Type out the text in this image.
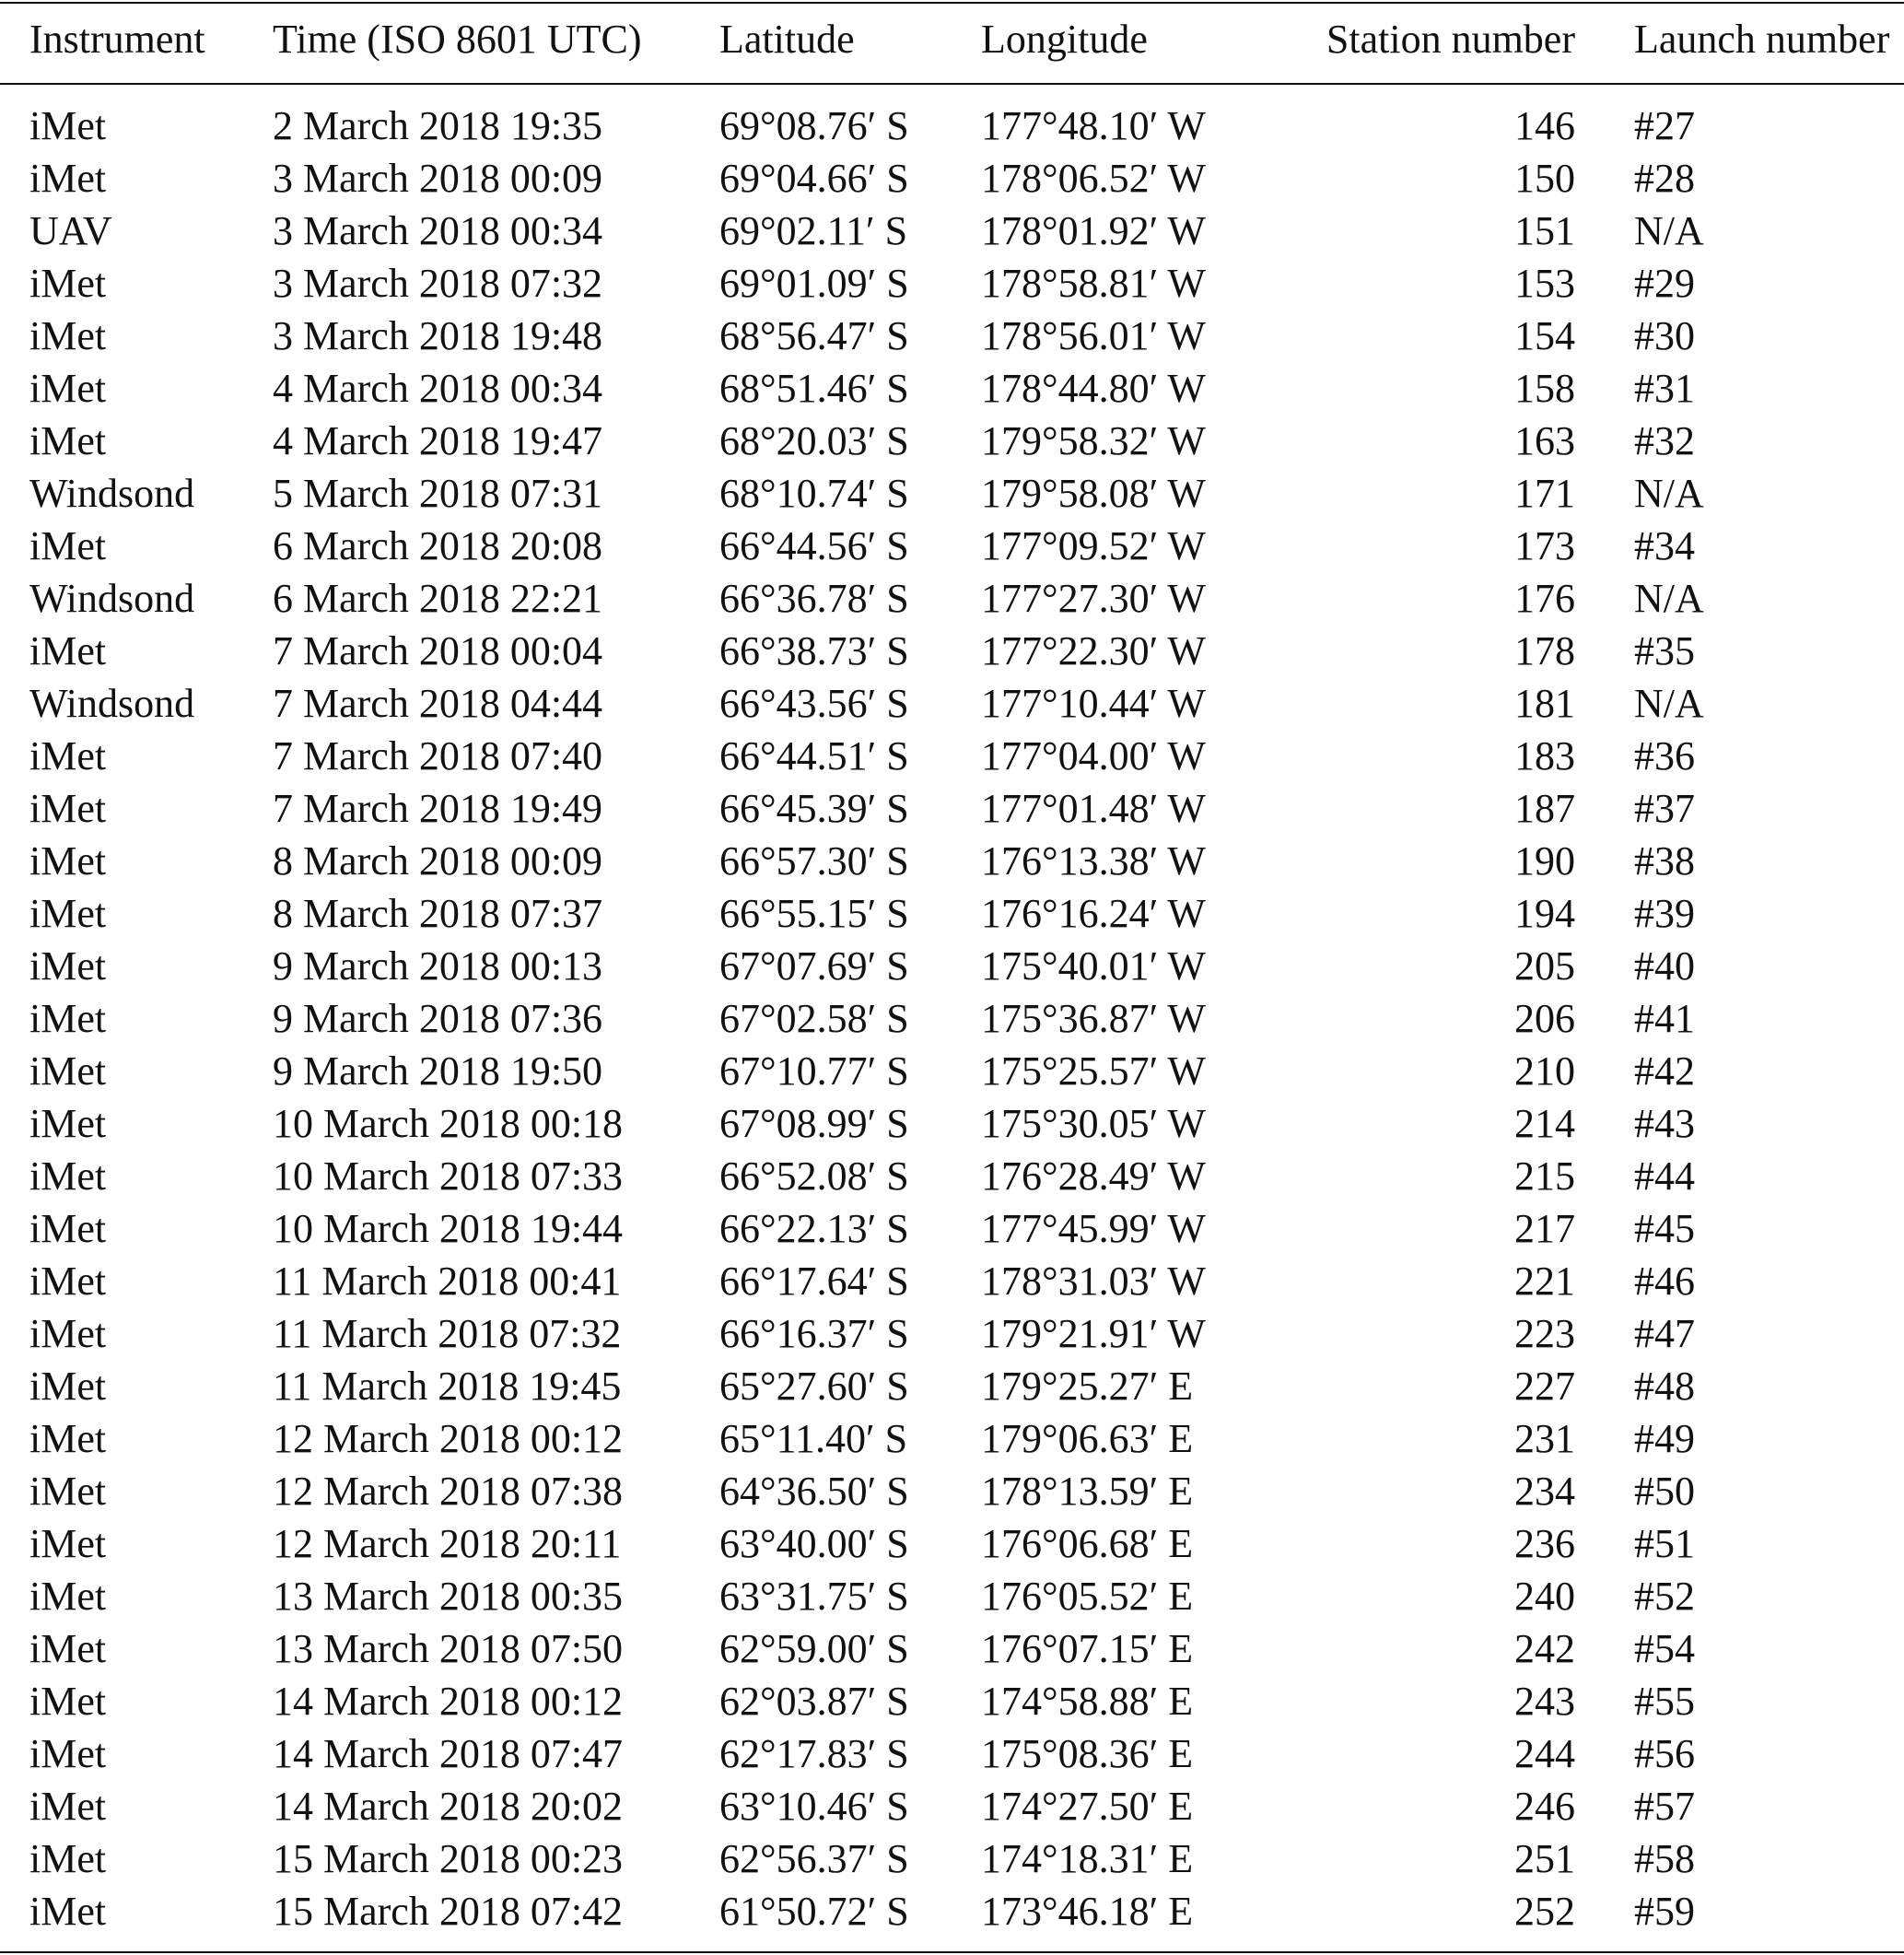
Instrument	Time (ISO 8601 UTC)	Latitude	Longitude	Station number	Launch number

iMet	2 March 2018 19:35	69°08.76′ S	177°48.10′ W	146	#27
iMet	3 March 2018 00:09	69°04.66′ S	178°06.52′ W	150	#28
UAV	3 March 2018 00:34	69°02.11′ S	178°01.92′ W	151	N/A
iMet	3 March 2018 07:32	69°01.09′ S	178°58.81′ W	153	#29
iMet	3 March 2018 19:48	68°56.47′ S	178°56.01′ W	154	#30
iMet	4 March 2018 00:34	68°51.46′ S	178°44.80′ W	158	#31
iMet	4 March 2018 19:47	68°20.03′ S	179°58.32′ W	163	#32
Windsond	5 March 2018 07:31	68°10.74′ S	179°58.08′ W	171	N/A
iMet	6 March 2018 20:08	66°44.56′ S	177°09.52′ W	173	#34
Windsond	6 March 2018 22:21	66°36.78′ S	177°27.30′ W	176	N/A
iMet	7 March 2018 00:04	66°38.73′ S	177°22.30′ W	178	#35
Windsond	7 March 2018 04:44	66°43.56′ S	177°10.44′ W	181	N/A
iMet	7 March 2018 07:40	66°44.51′ S	177°04.00′ W	183	#36
iMet	7 March 2018 19:49	66°45.39′ S	177°01.48′ W	187	#37
iMet	8 March 2018 00:09	66°57.30′ S	176°13.38′ W	190	#38
iMet	8 March 2018 07:37	66°55.15′ S	176°16.24′ W	194	#39
iMet	9 March 2018 00:13	67°07.69′ S	175°40.01′ W	205	#40
iMet	9 March 2018 07:36	67°02.58′ S	175°36.87′ W	206	#41
iMet	9 March 2018 19:50	67°10.77′ S	175°25.57′ W	210	#42
iMet	10 March 2018 00:18	67°08.99′ S	175°30.05′ W	214	#43
iMet	10 March 2018 07:33	66°52.08′ S	176°28.49′ W	215	#44
iMet	10 March 2018 19:44	66°22.13′ S	177°45.99′ W	217	#45
iMet	11 March 2018 00:41	66°17.64′ S	178°31.03′ W	221	#46
iMet	11 March 2018 07:32	66°16.37′ S	179°21.91′ W	223	#47
iMet	11 March 2018 19:45	65°27.60′ S	179°25.27′ E	227	#48
iMet	12 March 2018 00:12	65°11.40′ S	179°06.63′ E	231	#49
iMet	12 March 2018 07:38	64°36.50′ S	178°13.59′ E	234	#50
iMet	12 March 2018 20:11	63°40.00′ S	176°06.68′ E	236	#51
iMet	13 March 2018 00:35	63°31.75′ S	176°05.52′ E	240	#52
iMet	13 March 2018 07:50	62°59.00′ S	176°07.15′ E	242	#54
iMet	14 March 2018 00:12	62°03.87′ S	174°58.88′ E	243	#55
iMet	14 March 2018 07:47	62°17.83′ S	175°08.36′ E	244	#56
iMet	14 March 2018 20:02	63°10.46′ S	174°27.50′ E	246	#57
iMet	15 March 2018 00:23	62°56.37′ S	174°18.31′ E	251	#58
iMet	15 March 2018 07:42	61°50.72′ S	173°46.18′ E	252	#59
